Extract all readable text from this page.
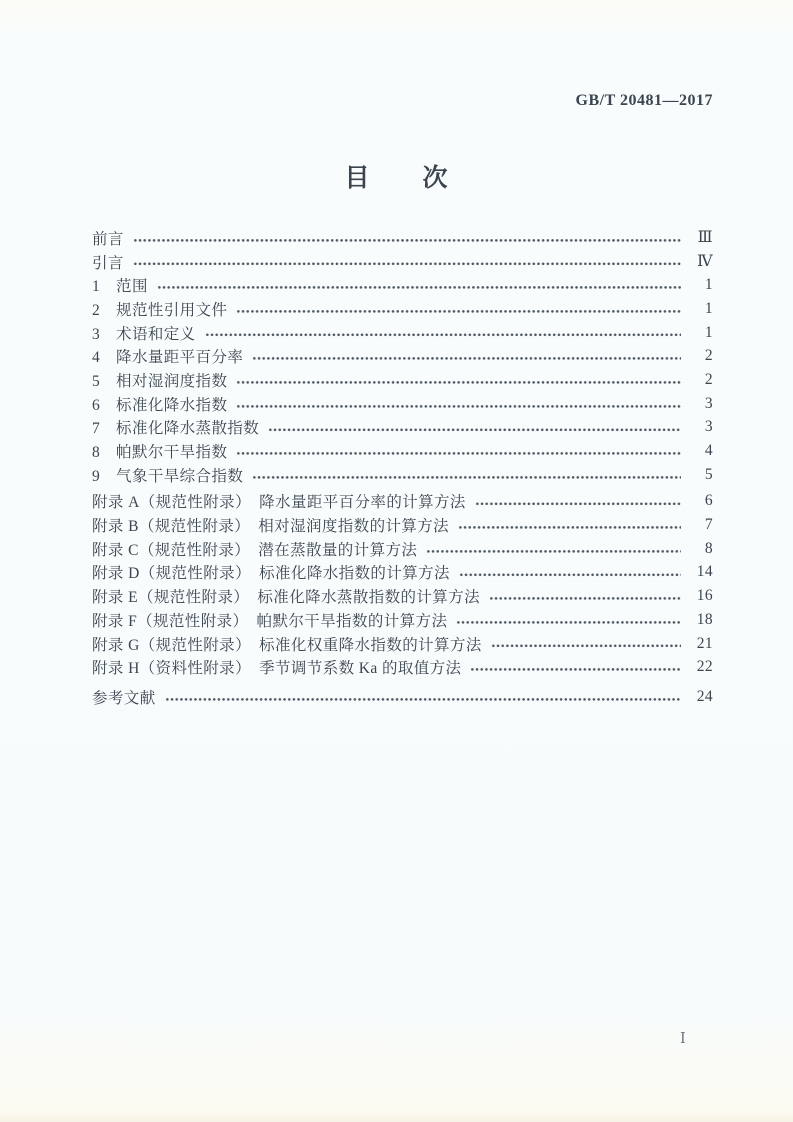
GB/T 20481—2017
目　　次
前言	Ⅲ
引言	Ⅳ
1　范围	1
2　规范性引用文件	1
3　术语和定义	1
4　降水量距平百分率	2
5　相对湿润度指数	2
6　标准化降水指数	3
7　标准化降水蒸散指数	3
8　帕默尔干旱指数	4
9　气象干旱综合指数	5
附录 A（规范性附录）　降水量距平百分率的计算方法	6
附录 B（规范性附录）　相对湿润度指数的计算方法	7
附录 C（规范性附录）　潜在蒸散量的计算方法	8
附录 D（规范性附录）　标准化降水指数的计算方法	14
附录 E（规范性附录）　标准化降水蒸散指数的计算方法	16
附录 F（规范性附录）　帕默尔干旱指数的计算方法	18
附录 G（规范性附录）　标准化权重降水指数的计算方法	21
附录 H（资料性附录）　季节调节系数 Ka 的取值方法	22
参考文献	24
Ⅰ
